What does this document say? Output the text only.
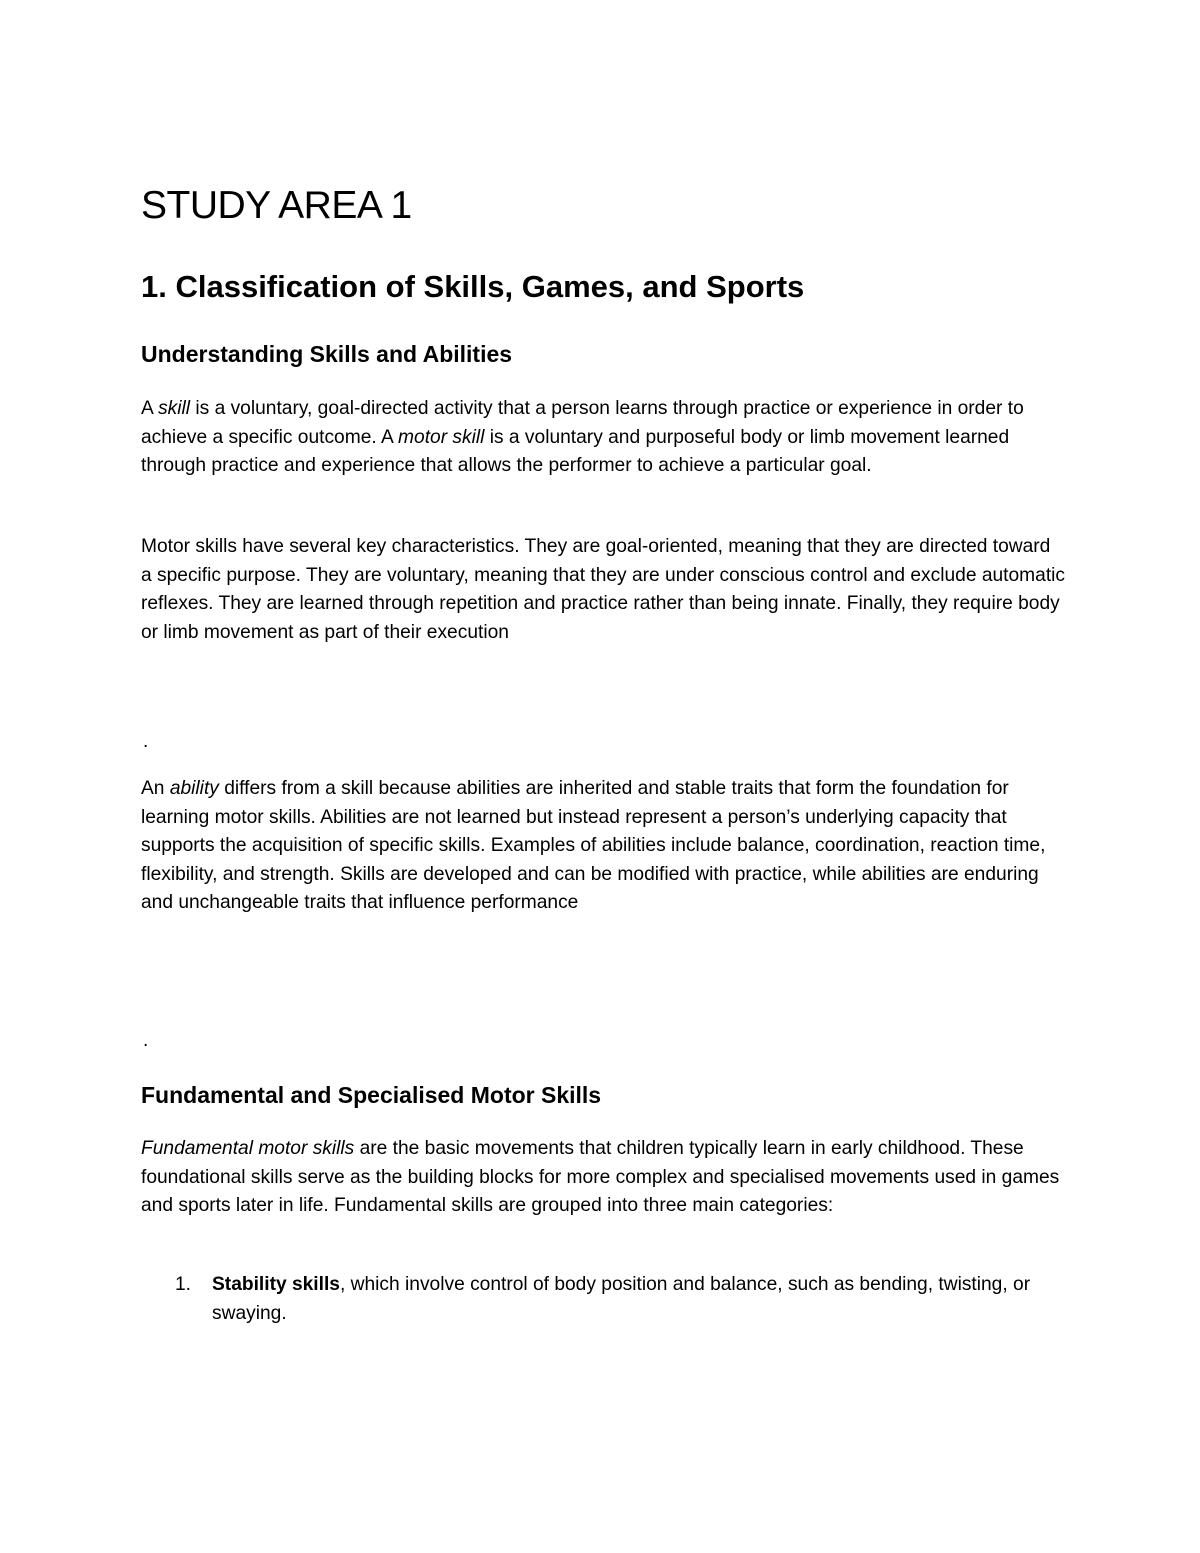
STUDY AREA 1
1. Classification of Skills, Games, and Sports
Understanding Skills and Abilities

A skill is a voluntary, goal-directed activity that a person learns through practice or experience in order to achieve a specific outcome. A motor skill is a voluntary and purposeful body or limb movement learned through practice and experience that allows the performer to achieve a particular goal.

Motor skills have several key characteristics. They are goal-oriented, meaning that they are directed toward a specific purpose. They are voluntary, meaning that they are under conscious control and exclude automatic reflexes. They are learned through repetition and practice rather than being innate. Finally, they require body or limb movement as part of their execution

.

An ability differs from a skill because abilities are inherited and stable traits that form the foundation for learning motor skills. Abilities are not learned but instead represent a person’s underlying capacity that supports the acquisition of specific skills. Examples of abilities include balance, coordination, reaction time, flexibility, and strength. Skills are developed and can be modified with practice, while abilities are enduring and unchangeable traits that influence performance

.

Fundamental and Specialised Motor Skills

Fundamental motor skills are the basic movements that children typically learn in early childhood. These foundational skills serve as the building blocks for more complex and specialised movements used in games and sports later in life. Fundamental skills are grouped into three main categories:

1. Stability skills, which involve control of body position and balance, such as bending, twisting, or swaying.
